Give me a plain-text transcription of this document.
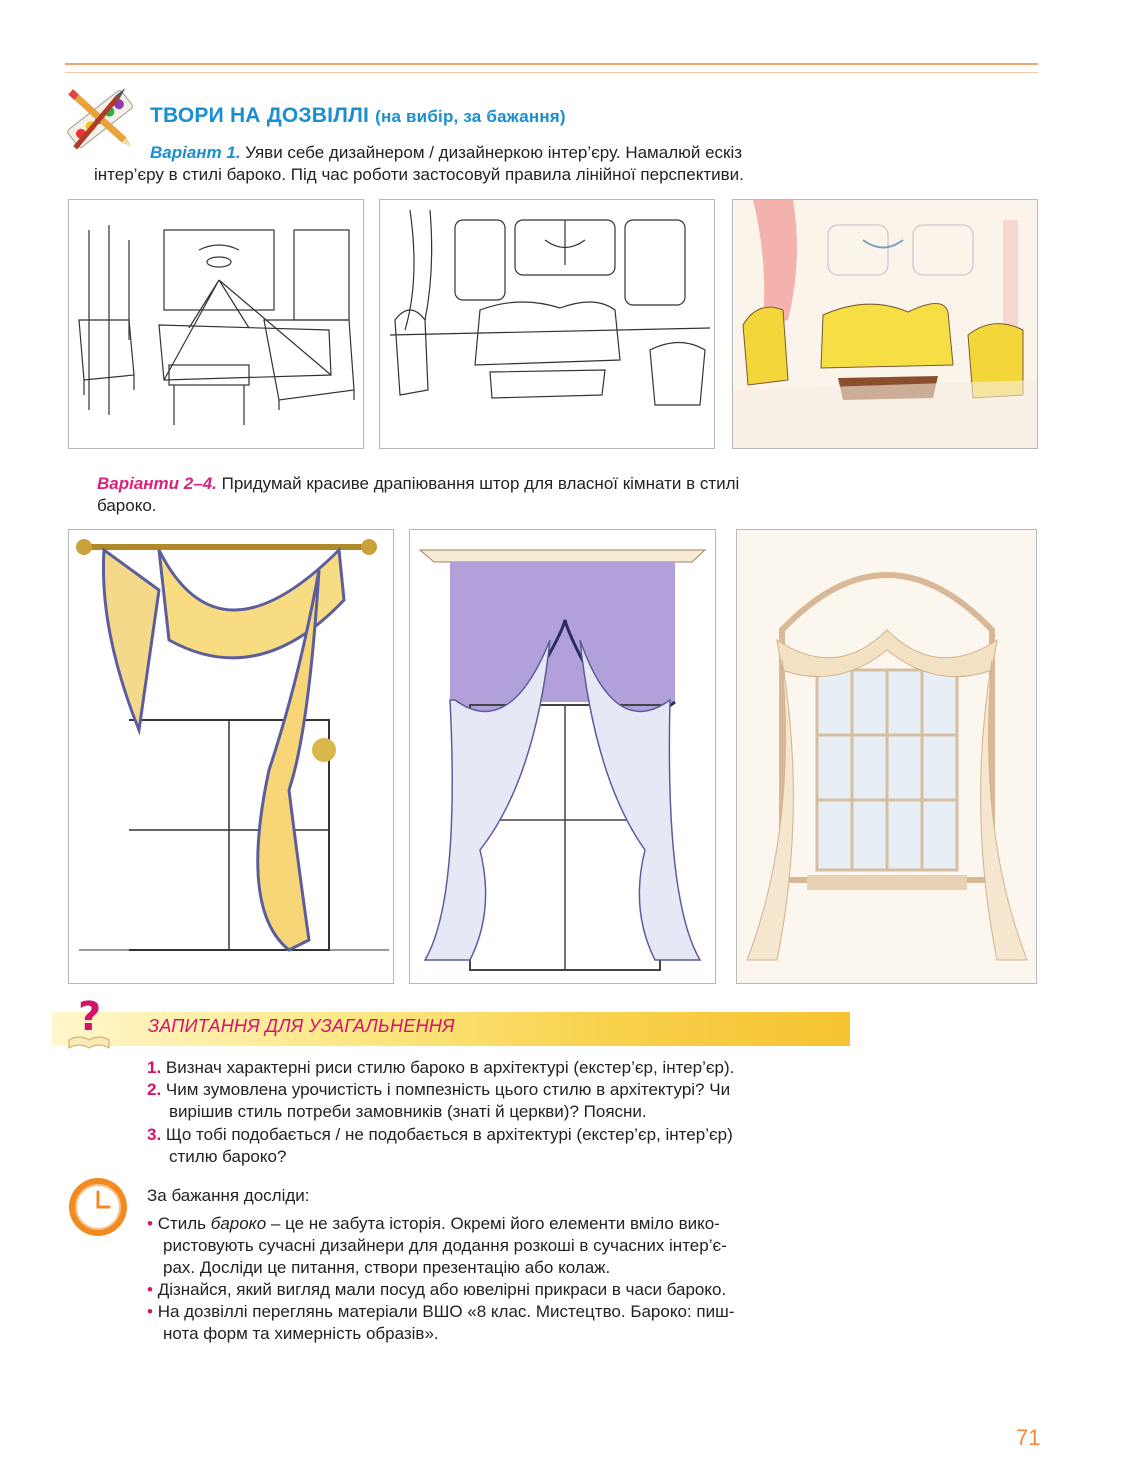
ТВОРИ НА ДОЗВІЛЛІ (на вибір, за бажання)
Варіант 1. Уяви себе дизайнером / дизайнеркою інтер’єру. Намалюй ескіз
інтер’єру в стилі бароко. Під час роботи застосовуй правила лінійної перспективи.
Варіанти 2–4. Придумай красиве драпіювання штор для власної кімнати в стилі
бароко.
?	ЗАПИТАННЯ ДЛЯ УЗАГАЛЬНЕННЯ
1. Визнач характерні риси стилю бароко в архітектурі (екстер’єр, інтер’єр).
2. Чим зумовлена урочистість і помпезність цього стилю в архітектурі? Чи
вирішив стиль потреби замовників (знаті й церкви)? Поясни.
3. Що тобі подобається / не подобається в архітектурі (екстер’єр, інтер’єр)
стилю бароко?
За бажання досліди:
• Стиль бароко – це не забута історія. Окремі його елементи вміло вико-
ристовують сучасні дизайнери для додання розкоші в сучасних інтер’є-
рах. Досліди це питання, створи презентацію або колаж.
• Дізнайся, який вигляд мали посуд або ювелірні прикраси в часи бароко.
• На дозвіллі переглянь матеріали ВШО «8 клас. Мистецтво. Бароко: пиш-
нота форм та химерність образів».
71
